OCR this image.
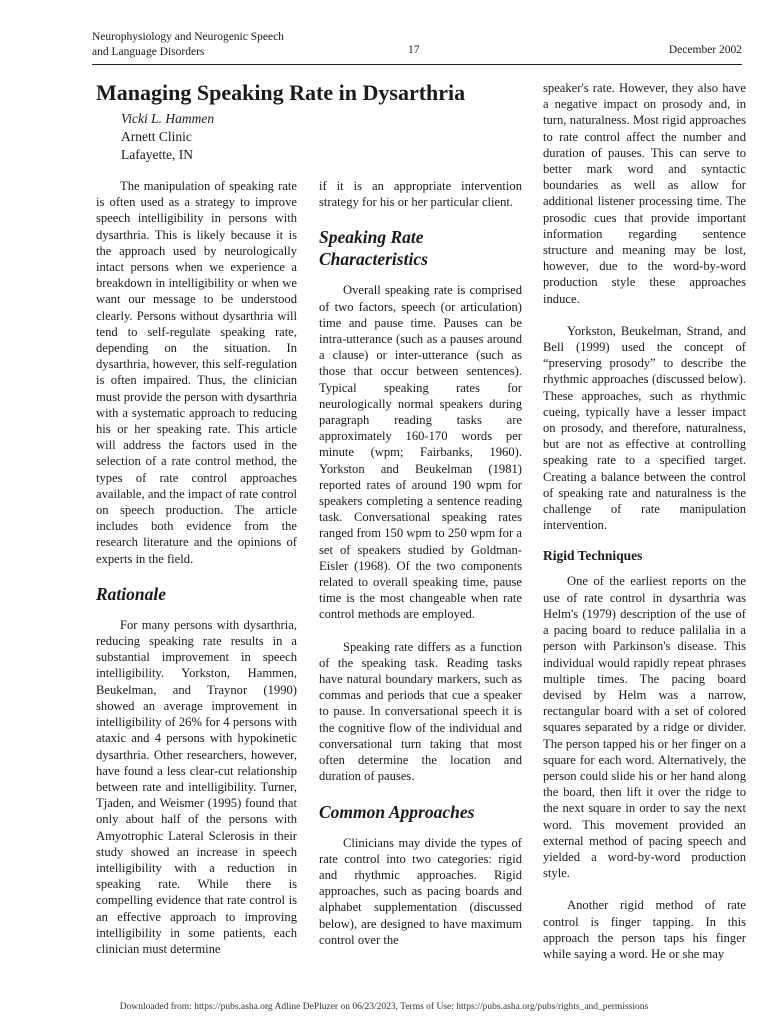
Neurophysiology and Neurogenic Speech
and Language Disorders	17	December 2002
Managing Speaking Rate in Dysarthria
Vicki L. Hammen
Arnett Clinic
Lafayette, IN

The manipulation of speaking rate is often used as a strategy to improve speech intelligibility in persons with dysarthria. This is likely because it is the approach used by neurologically intact persons when we experience a breakdown in intelligibility or when we want our message to be understood clearly. Persons without dysarthria will tend to self-regulate speaking rate, depending on the situation. In dysarthria, however, this self-regulation is often impaired. Thus, the clinician must provide the person with dysarthria with a systematic approach to reducing his or her speaking rate. This article will address the factors used in the selection of a rate control method, the types of rate control approaches available, and the impact of rate control on speech production. The article includes both evidence from the research literature and the opinions of experts in the field.

Rationale

For many persons with dysarthria, reducing speaking rate results in a substantial improvement in speech intelligibility. Yorkston, Hammen, Beukelman, and Traynor (1990) showed an average improvement in intelligibility of 26% for 4 persons with ataxic and 4 persons with hypokinetic dysarthria. Other researchers, however, have found a less clear-cut relationship between rate and intelligibility. Turner, Tjaden, and Weismer (1995) found that only about half of the persons with Amyotrophic Lateral Sclerosis in their study showed an increase in speech intelligibility with a reduction in speaking rate. While there is compelling evidence that rate control is an effective approach to improving intelligibility in some patients, each clinician must determine

if it is an appropriate intervention strategy for his or her particular client.

Speaking Rate Characteristics

Overall speaking rate is comprised of two factors, speech (or articulation) time and pause time. Pauses can be intra-utterance (such as a pauses around a clause) or inter-utterance (such as those that occur between sentences). Typical speaking rates for neurologically normal speakers during paragraph reading tasks are approximately 160-170 words per minute (wpm; Fairbanks, 1960). Yorkston and Beukelman (1981) reported rates of around 190 wpm for speakers completing a sentence reading task. Conversational speaking rates ranged from 150 wpm to 250 wpm for a set of speakers studied by Goldman-Eisler (1968). Of the two components related to overall speaking time, pause time is the most changeable when rate control methods are employed.

Speaking rate differs as a function of the speaking task. Reading tasks have natural boundary markers, such as commas and periods that cue a speaker to pause. In conversational speech it is the cognitive flow of the individual and conversational turn taking that most often determine the location and duration of pauses.

Common Approaches

Clinicians may divide the types of rate control into two categories: rigid and rhythmic approaches. Rigid approaches, such as pacing boards and alphabet supplementation (discussed below), are designed to have maximum control over the

speaker's rate. However, they also have a negative impact on prosody and, in turn, naturalness. Most rigid approaches to rate control affect the number and duration of pauses. This can serve to better mark word and syntactic boundaries as well as allow for additional listener processing time. The prosodic cues that provide important information regarding sentence structure and meaning may be lost, however, due to the word-by-word production style these approaches induce.

Yorkston, Beukelman, Strand, and Bell (1999) used the concept of “preserving prosody” to describe the rhythmic approaches (discussed below). These approaches, such as rhythmic cueing, typically have a lesser impact on prosody, and therefore, naturalness, but are not as effective at controlling speaking rate to a specified target. Creating a balance between the control of speaking rate and naturalness is the challenge of rate manipulation intervention.

Rigid Techniques

One of the earliest reports on the use of rate control in dysarthria was Helm's (1979) description of the use of a pacing board to reduce palilalia in a person with Parkinson's disease. This individual would rapidly repeat phrases multiple times. The pacing board devised by Helm was a narrow, rectangular board with a set of colored squares separated by a ridge or divider. The person tapped his or her finger on a square for each word. Alternatively, the person could slide his or her hand along the board, then lift it over the ridge to the next square in order to say the next word. This movement provided an external method of pacing speech and yielded a word-by-word production style.

Another rigid method of rate control is finger tapping. In this approach the person taps his finger while saying a word. He or she may

Downloaded from: https://pubs.asha.org Adline DePluzer on 06/23/2023, Terms of Use: https://pubs.asha.org/pubs/rights_and_permissions
